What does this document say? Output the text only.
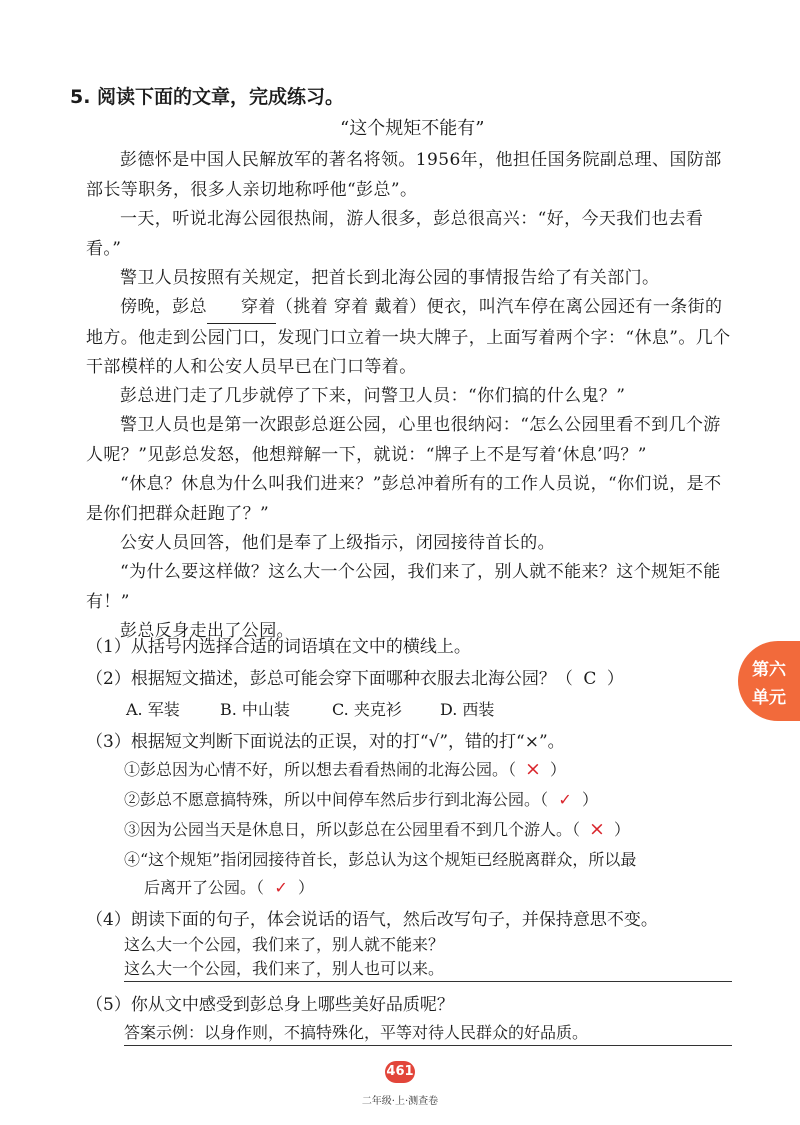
5. 阅读下面的文章，完成练习。
“这个规矩不能有”
彭德怀是中国人民解放军的著名将领。1956年，他担任国务院副总理、国防部部长等职务，很多人亲切地称呼他“彭总”。
一天，听说北海公园很热闹，游人很多，彭总很高兴：“好，今天我们也去看看。”
警卫人员按照有关规定，把首长到北海公园的事情报告给了有关部门。
傍晚，彭总 穿着（挑着 穿着 戴着）便衣，叫汽车停在离公园还有一条街的地方。他走到公园门口，发现门口立着一块大牌子，上面写着两个字：“休息”。几个干部模样的人和公安人员早已在门口等着。
彭总进门走了几步就停了下来，问警卫人员：“你们搞的什么鬼？”
警卫人员也是第一次跟彭总逛公园，心里也很纳闷：“怎么公园里看不到几个游人呢？”见彭总发怒，他想辩解一下，就说：“牌子上不是写着‘休息’吗？”
“休息？休息为什么叫我们进来？”彭总冲着所有的工作人员说，“你们说，是不是你们把群众赶跑了？”
公安人员回答，他们是奉了上级指示，闭园接待首长的。
“为什么要这样做？这么大一个公园，我们来了，别人就不能来？这个规矩不能有！”
彭总反身走出了公园。
（1）从括号内选择合适的词语填在文中的横线上。
（2）根据短文描述，彭总可能会穿下面哪种衣服去北海公园？（ C ）
A. 军装	B. 中山装	C. 夹克衫 D. 西装
（3）根据短文判断下面说法的正误，对的打“√”，错的打“×”。
①彭总因为心情不好，所以想去看看热闹的北海公园。（ × ）
②彭总不愿意搞特殊，所以中间停车然后步行到北海公园。（ ✓ ）
③因为公园当天是休息日，所以彭总在公园里看不到几个游人。（ × ）
④“这个规矩”指闭园接待首长，彭总认为这个规矩已经脱离群众，所以最
后离开了公园。（ ✓ ）
（4）朗读下面的句子，体会说话的语气，然后改写句子，并保持意思不变。
这么大一个公园，我们来了，别人就不能来？
这么大一个公园，我们来了，别人也可以来。
（5）你从文中感受到彭总身上哪些美好品质呢？
答案示例：以身作则，不搞特殊化，平等对待人民群众的好品质。
第六
单元
461
二年级·上·测查卷
